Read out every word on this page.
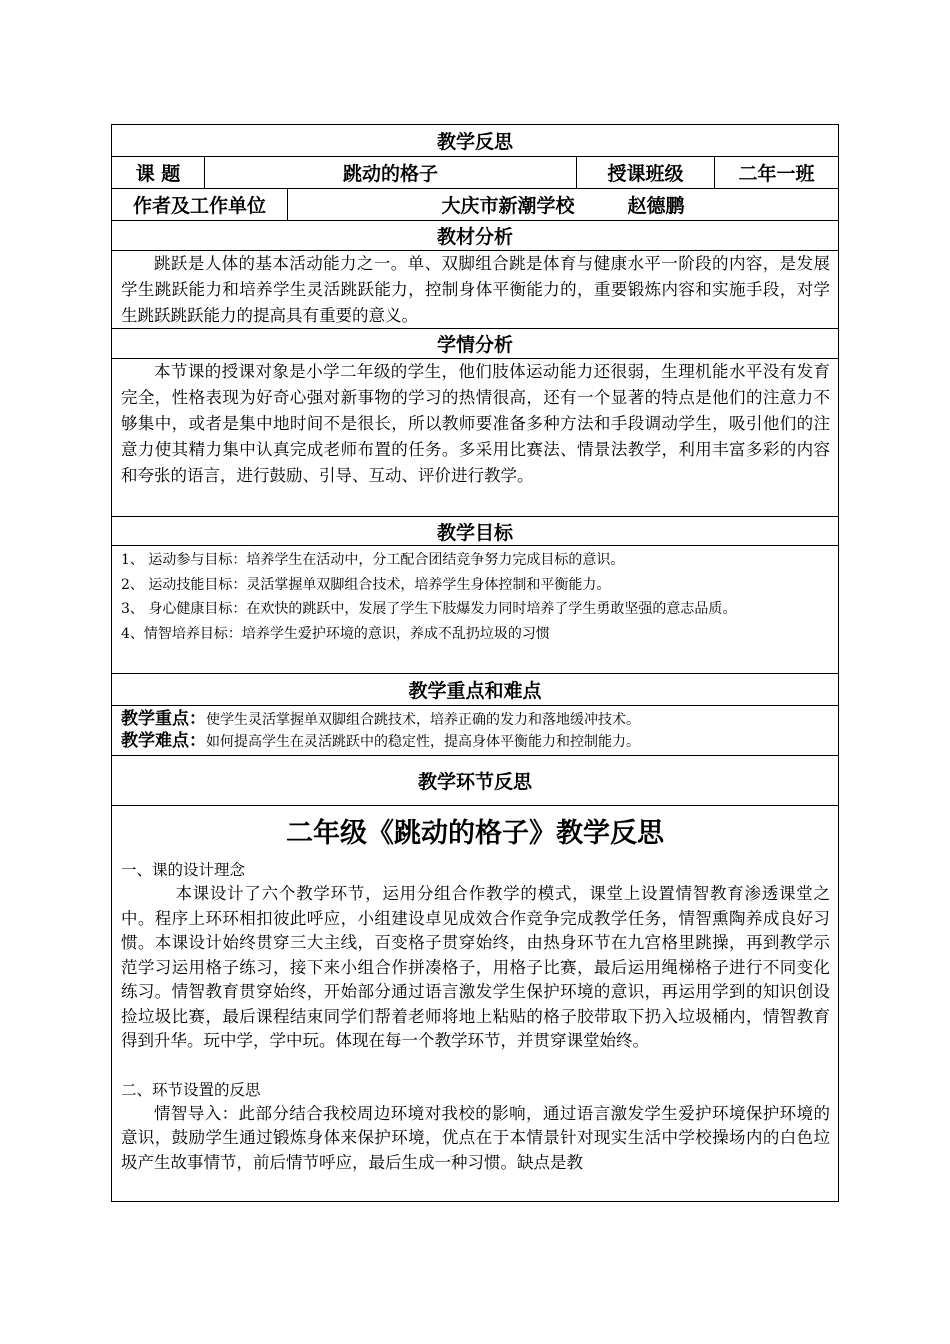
教学反思
课 题	跳动的格子	授课班级	二年一班
作者及工作单位	大庆市新潮学校        赵德鹏
教材分析
跳跃是人体的基本活动能力之一。单、双脚组合跳是体育与健康水平一阶段的内容，是发展学生跳跃能力和培养学生灵活跳跃能力，控制身体平衡能力的，重要锻炼内容和实施手段，对学生跳跃跳跃能力的提高具有重要的意义。
学情分析
本节课的授课对象是小学二年级的学生，他们肢体运动能力还很弱，生理机能水平没有发育完全，性格表现为好奇心强对新事物的学习的热情很高，还有一个显著的特点是他们的注意力不够集中，或者是集中地时间不是很长，所以教师要准备多种方法和手段调动学生，吸引他们的注意力使其精力集中认真完成老师布置的任务。多采用比赛法、情景法教学，利用丰富多彩的内容和夸张的语言，进行鼓励、引导、互动、评价进行教学。
教学目标
1、 运动参与目标：培养学生在活动中，分工配合团结竞争努力完成目标的意识。
2、 运动技能目标：灵活掌握单双脚组合技术，培养学生身体控制和平衡能力。
3、 身心健康目标：在欢快的跳跃中，发展了学生下肢爆发力同时培养了学生勇敢坚强的意志品质。
4、情智培养目标：培养学生爱护环境的意识，养成不乱扔垃圾的习惯
教学重点和难点
教学重点：使学生灵活掌握单双脚组合跳技术，培养正确的发力和落地缓冲技术。
教学难点：如何提高学生在灵活跳跃中的稳定性，提高身体平衡能力和控制能力。
教学环节反思
二年级《跳动的格子》教学反思
一、课的设计理念
本课设计了六个教学环节，运用分组合作教学的模式，课堂上设置情智教育渗透课堂之中。程序上环环相扣彼此呼应，小组建设卓见成效合作竞争完成教学任务，情智熏陶养成良好习惯。本课设计始终贯穿三大主线，百变格子贯穿始终，由热身环节在九宫格里跳操，再到教学示范学习运用格子练习，接下来小组合作拼凑格子，用格子比赛，最后运用绳梯格子进行不同变化练习。情智教育贯穿始终，开始部分通过语言激发学生保护环境的意识，再运用学到的知识创设捡垃圾比赛，最后课程结束同学们帮着老师将地上粘贴的格子胶带取下扔入垃圾桶内，情智教育得到升华。玩中学，学中玩。体现在每一个教学环节，并贯穿课堂始终。
二、环节设置的反思
情智导入：此部分结合我校周边环境对我校的影响，通过语言激发学生爱护环境保护环境的意识，鼓励学生通过锻炼身体来保护环境，优点在于本情景针对现实生活中学校操场内的白色垃圾产生故事情节，前后情节呼应，最后生成一种习惯。缺点是教
